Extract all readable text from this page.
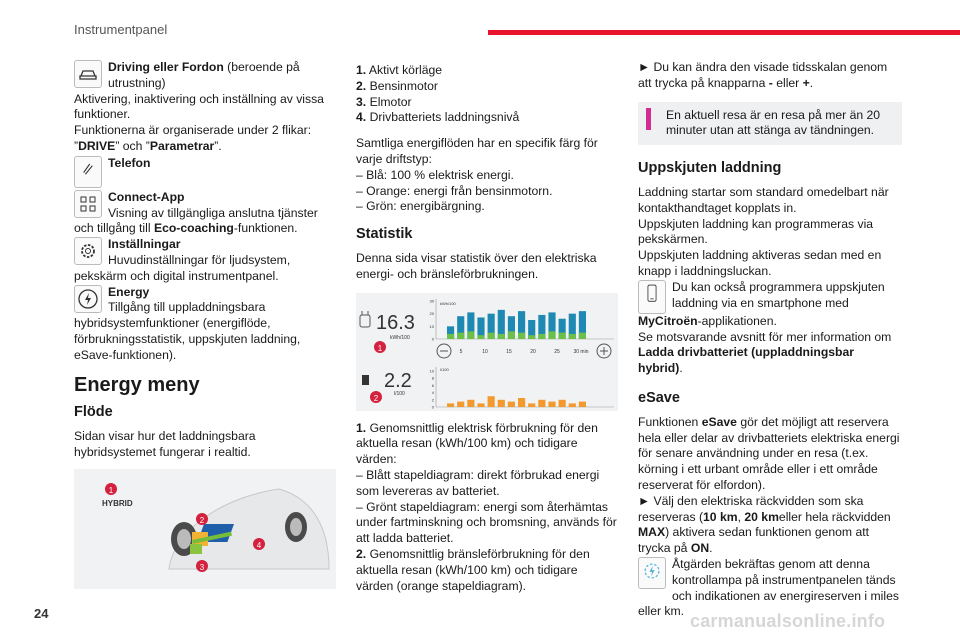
Instrumentpanel

Driving eller Fordon (beroende på utrustning)

Aktivering, inaktivering och inställning av vissa funktioner.

Funktionerna är organiserade under 2 flikar: ”DRIVE” och ”Parametrar”.

Telefon

Connect-App
Visning av tillgängliga anslutna tjänster och tillgång till Eco-coaching-funktionen.

Inställningar
Huvudinställningar för ljudsystem, pekskärm och digital instrumentpanel.

Energy
Tillgång till uppladdningsbara hybridsystemfunktioner (energiflöde, förbrukningsstatistik, uppskjuten laddning, eSave-funktionen).

Energy meny
Flöde

Sidan visar hur det laddningsbara hybridsystemet fungerar i realtid.

1
HYBRID
2
3
4
1. Aktivt körläge
2. Bensinmotor
3. Elmotor
4. Drivbatteriets laddningsnivå

Samtliga energiflöden har en specifik färg för varje driftstyp:

– Blå: 100 % elektrisk energi.

– Orange: energi från bensinmotorn.

– Grön: energibärgning.

Statistik

Denna sida visar statistik över den elektriska energi- och bränsleförbrukningen.

16.3
kWh/100
1
2.2
l/100
2
kWh/100
30
20
10
0
5	10	15	20	25	30 min
l/100
10
8
6
4
2
0

1. Genomsnittlig elektrisk förbrukning för den aktuella resan (kWh/100 km) och tidigare värden:

– Blått stapeldiagram: direkt förbrukad energi som levereras av batteriet.

– Grönt stapeldiagram: energi som återhämtas under fartminskning och bromsning, används för att ladda batteriet.

2. Genomsnittlig bränsleförbrukning för den aktuella resan (kWh/100 km) och tidigare värden (orange stapeldiagram).

► Du kan ändra den visade tidsskalan genom att trycka på knapparna - eller +.

En aktuell resa är en resa på mer än 20 minuter utan att stänga av tändningen.
Uppskjuten laddning

Laddning startar som standard omedelbart när kontakthandtaget kopplats in.

Uppskjuten laddning kan programmeras via pekskärmen.

Uppskjuten laddning aktiveras sedan med en knapp i laddningsluckan.

Du kan också programmera uppskjuten laddning via en smartphone med

MyCitroën-applikationen.

Se motsvarande avsnitt för mer information om Ladda drivbatteriet (uppladdningsbar hybrid).

eSave

Funktionen eSave gör det möjligt att reservera hela eller delar av drivbatteriets elektriska energi för senare användning under en resa (t.ex. körning i ett urbant område eller i ett område reserverat för elfordon).

► Välj den elektriska räckvidden som ska reserveras (10 km, 20 kmeller hela räckvidden MAX) aktivera sedan funktionen genom att trycka på ON.

Åtgärden bekräftas genom att denna kontrollampa på instrumentpanelen tänds och indikationen av energireserven i miles eller km.

24	carmanualsonline.info
